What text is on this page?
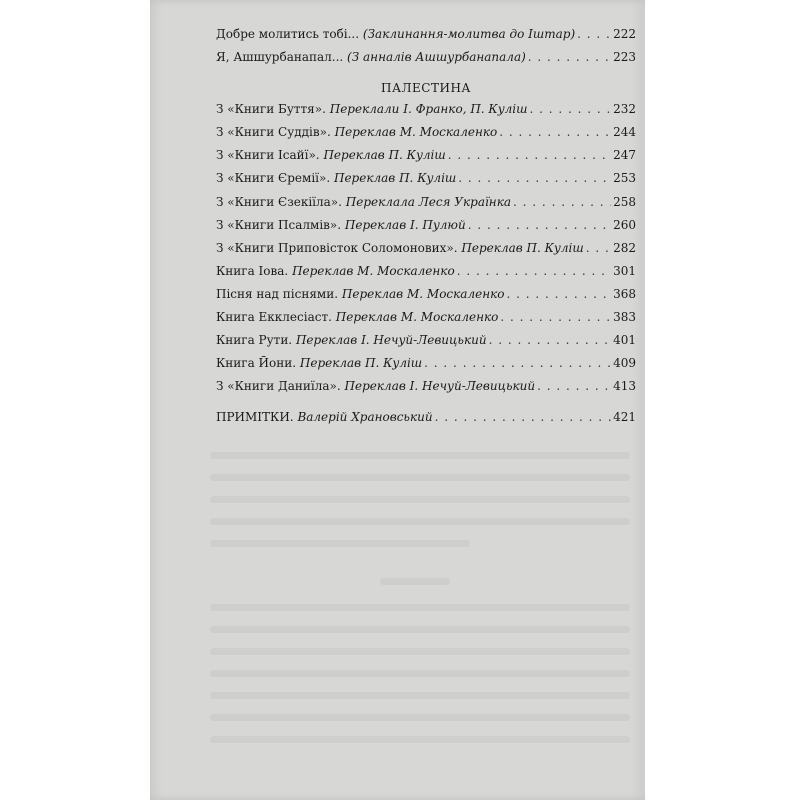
Добре молитись тобі... (Заклинання-молитва до Іштар) . . .	222
Я, Ашшурбанапал... (З анналів Ашшурбанапала) . . .	223
ПАЛЕСТИНА
З «Книги Буття». Переклали І. Франко, П. Куліш . . .	232
З «Книги Суддів». Переклав М. Москаленко . . .	244
З «Книги Ісайї». Переклав П. Куліш . . .	247
З «Книги Єремії». Переклав П. Куліш . . .	253
З «Книги Єзекіїла». Переклала Леся Українка . . .	258
З «Книги Псалмів». Переклав І. Пулюй . . .	260
З «Книги Приповісток Соломонових». Переклав П. Куліш . . . 282
Книга Іова. Переклав М. Москаленко . . .	301
Пісня над піснями. Переклав М. Москаленко . . .	368
Книга Екклесіаст. Переклав М. Москаленко . . .	383
Книга Рути. Переклав І. Нечуй-Левицький . . .	401
Книга Йони. Переклав П. Куліш . . .	409
З «Книги Даниїла». Переклав І. Нечуй-Левицький . . .	413
ПРИМІТКИ. Валерій Храновський . . .	421
